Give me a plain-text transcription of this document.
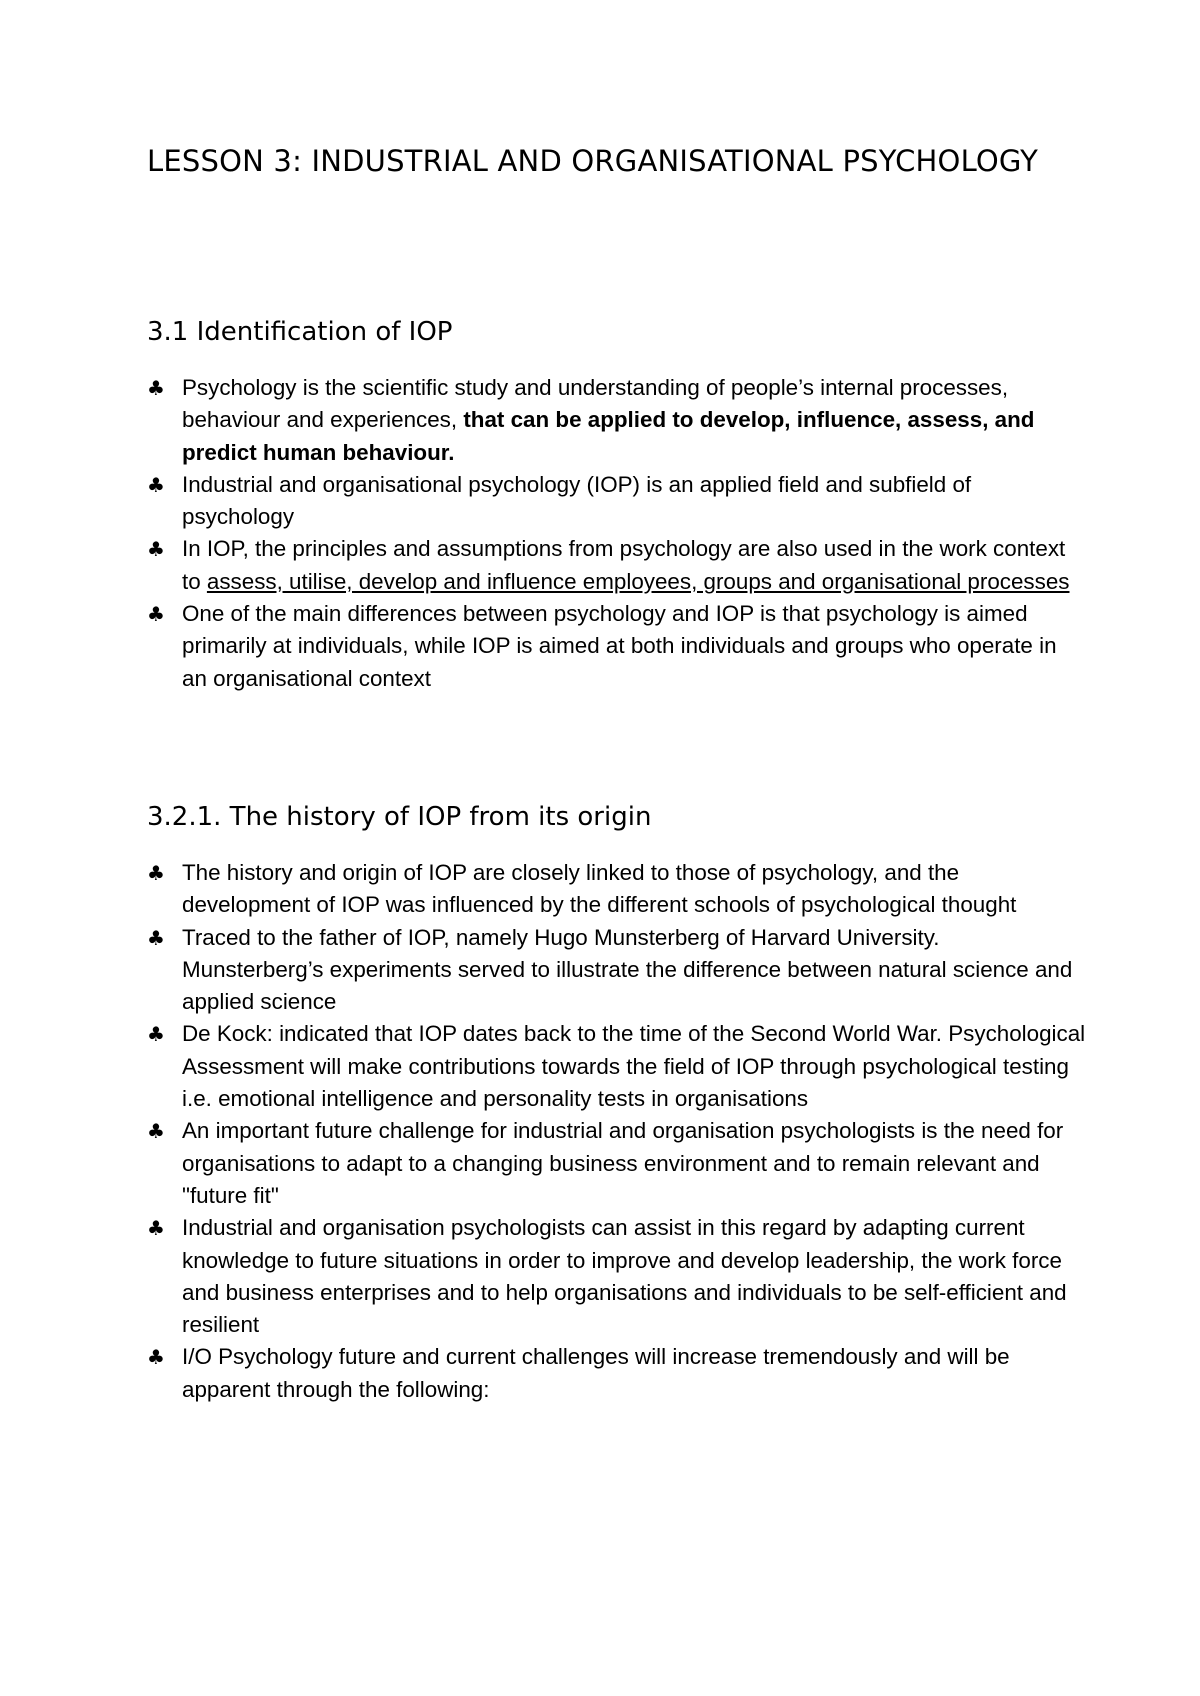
LESSON 3: INDUSTRIAL AND ORGANISATIONAL PSYCHOLOGY
3.1 Identification of IOP
♣ Psychology is the scientific study and understanding of people’s internal processes, behaviour and experiences, that can be applied to develop, influence, assess, and predict human behaviour.
♣ Industrial and organisational psychology (IOP) is an applied field and subfield of psychology
♣ In IOP, the principles and assumptions from psychology are also used in the work context to assess, utilise, develop and influence employees, groups and organisational processes
♣ One of the main differences between psychology and IOP is that psychology is aimed primarily at individuals, while IOP is aimed at both individuals and groups who operate in an organisational context
3.2.1. The history of IOP from its origin
♣ The history and origin of IOP are closely linked to those of psychology, and the development of IOP was influenced by the different schools of psychological thought
♣ Traced to the father of IOP, namely Hugo Munsterberg of Harvard University. Munsterberg’s experiments served to illustrate the difference between natural science and applied science
♣ De Kock: indicated that IOP dates back to the time of the Second World War. Psychological Assessment will make contributions towards the field of IOP through psychological testing i.e. emotional intelligence and personality tests in organisations
♣ An important future challenge for industrial and organisation psychologists is the need for organisations to adapt to a changing business environment and to remain relevant and "future fit"
♣ Industrial and organisation psychologists can assist in this regard by adapting current knowledge to future situations in order to improve and develop leadership, the work force and business enterprises and to help organisations and individuals to be self-efficient and resilient
♣ I/O Psychology future and current challenges will increase tremendously and will be apparent through the following:
